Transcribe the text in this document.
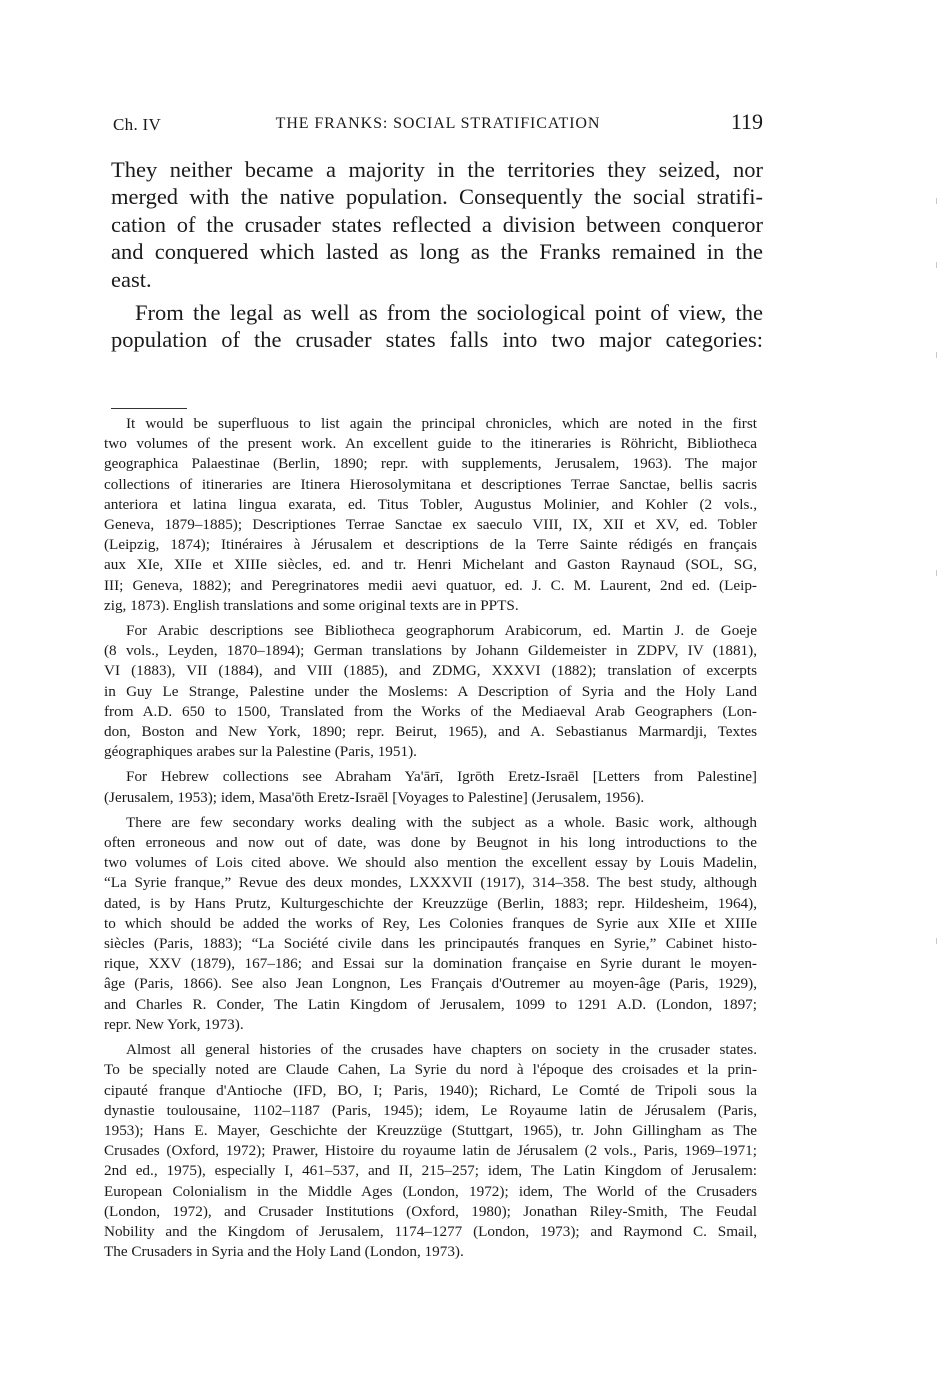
Ch. IV	THE FRANKS: SOCIAL STRATIFICATION	119

They neither became a majority in the territories they seized, nor
merged with the native population. Consequently the social stratifi-
cation of the crusader states reflected a division between conqueror
and conquered which lasted as long as the Franks remained in the
east.

From the legal as well as from the sociological point of view, the
population of the crusader states falls into two major categories:

It would be superfluous to list again the principal chronicles, which are noted in the first
two volumes of the present work. An excellent guide to the itineraries is Röhricht, Bibliotheca
geographica Palaestinae (Berlin, 1890; repr. with supplements, Jerusalem, 1963). The major
collections of itineraries are Itinera Hierosolymitana et descriptiones Terrae Sanctae, bellis sacris
anteriora et latina lingua exarata, ed. Titus Tobler, Augustus Molinier, and Kohler (2 vols.,
Geneva, 1879–1885); Descriptiones Terrae Sanctae ex saeculo VIII, IX, XII et XV, ed. Tobler
(Leipzig, 1874); Itinéraires à Jérusalem et descriptions de la Terre Sainte rédigés en français
aux XIe, XIIe et XIIIe siècles, ed. and tr. Henri Michelant and Gaston Raynaud (SOL, SG,
III; Geneva, 1882); and Peregrinatores medii aevi quatuor, ed. J. C. M. Laurent, 2nd ed. (Leip-
zig, 1873). English translations and some original texts are in PPTS.

For Arabic descriptions see Bibliotheca geographorum Arabicorum, ed. Martin J. de Goeje
(8 vols., Leyden, 1870–1894); German translations by Johann Gildemeister in ZDPV, IV (1881),
VI (1883), VII (1884), and VIII (1885), and ZDMG, XXXVI (1882); translation of excerpts
in Guy Le Strange, Palestine under the Moslems: A Description of Syria and the Holy Land
from A.D. 650 to 1500, Translated from the Works of the Mediaeval Arab Geographers (Lon-
don, Boston and New York, 1890; repr. Beirut, 1965), and A. Sebastianus Marmardji, Textes
géographiques arabes sur la Palestine (Paris, 1951).

For Hebrew collections see Abraham Ya'ārī, Igrōth Eretz-Israēl [Letters from Palestine]
(Jerusalem, 1953); idem, Masa'ōth Eretz-Israēl [Voyages to Palestine] (Jerusalem, 1956).

There are few secondary works dealing with the subject as a whole. Basic work, although
often erroneous and now out of date, was done by Beugnot in his long introductions to the
two volumes of Lois cited above. We should also mention the excellent essay by Louis Madelin,
“La Syrie franque,” Revue des deux mondes, LXXXVII (1917), 314–358. The best study, although
dated, is by Hans Prutz, Kulturgeschichte der Kreuzzüge (Berlin, 1883; repr. Hildesheim, 1964),
to which should be added the works of Rey, Les Colonies franques de Syrie aux XIIe et XIIIe
siècles (Paris, 1883); “La Société civile dans les principautés franques en Syrie,” Cabinet histo-
rique, XXV (1879), 167–186; and Essai sur la domination française en Syrie durant le moyen-
âge (Paris, 1866). See also Jean Longnon, Les Français d'Outremer au moyen-âge (Paris, 1929),
and Charles R. Conder, The Latin Kingdom of Jerusalem, 1099 to 1291 A.D. (London, 1897;
repr. New York, 1973).

Almost all general histories of the crusades have chapters on society in the crusader states.
To be specially noted are Claude Cahen, La Syrie du nord à l'époque des croisades et la prin-
cipauté franque d'Antioche (IFD, BO, I; Paris, 1940); Richard, Le Comté de Tripoli sous la
dynastie toulousaine, 1102–1187 (Paris, 1945); idem, Le Royaume latin de Jérusalem (Paris,
1953); Hans E. Mayer, Geschichte der Kreuzzüge (Stuttgart, 1965), tr. John Gillingham as The
Crusades (Oxford, 1972); Prawer, Histoire du royaume latin de Jérusalem (2 vols., Paris, 1969–1971;
2nd ed., 1975), especially I, 461–537, and II, 215–257; idem, The Latin Kingdom of Jerusalem:
European Colonialism in the Middle Ages (London, 1972); idem, The World of the Crusaders
(London, 1972), and Crusader Institutions (Oxford, 1980); Jonathan Riley-Smith, The Feudal
Nobility and the Kingdom of Jerusalem, 1174–1277 (London, 1973); and Raymond C. Smail,
The Crusaders in Syria and the Holy Land (London, 1973).
